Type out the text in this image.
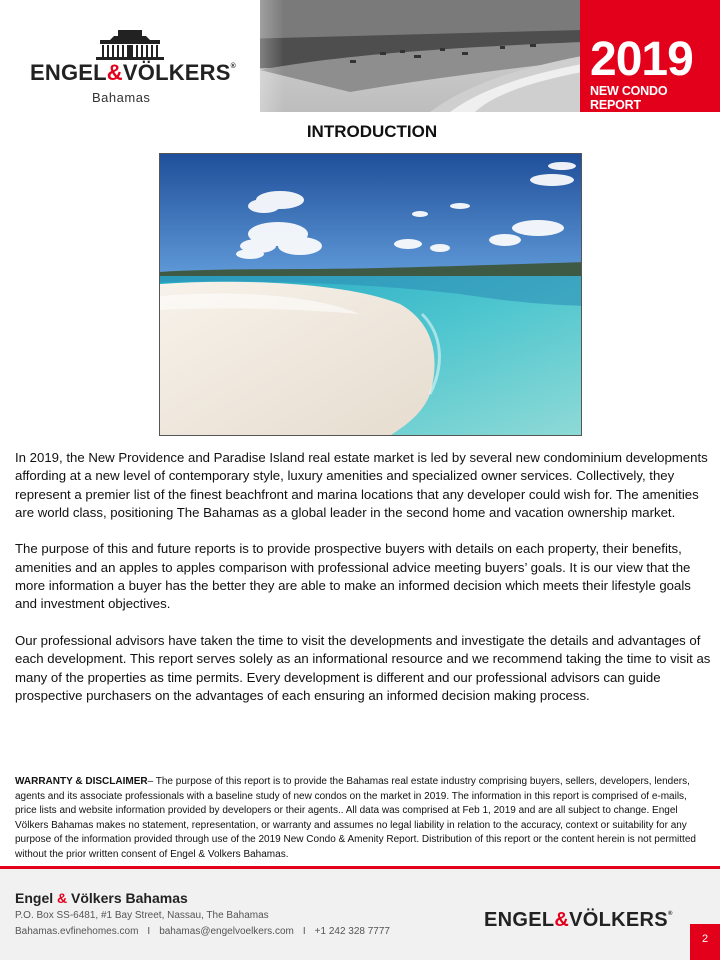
ENGEL&VÖLKERS®
Bahamas
2019
NEW CONDO REPORT
INTRODUCTION

In 2019, the New Providence and Paradise Island real estate market is led by several new condominium developments affording at a new level of contemporary style, luxury amenities and specialized owner services. Collectively, they represent a premier list of the finest beachfront and marina locations that any developer could wish for. The amenities are world class, positioning The Bahamas as a global leader in the second home and vacation ownership market.

The purpose of this and future reports is to provide prospective buyers with details on each property, their benefits, amenities and an apples to apples comparison with professional advice meeting buyers’ goals. It is our view that the more information a buyer has the better they are able to make an informed decision which meets their lifestyle goals and investment objectives.

Our professional advisors have taken the time to visit the developments and investigate the details and advantages of each development. This report serves solely as an informational resource and we recommend taking the time to visit as many of the properties as time permits. Every development is different and our professional advisors can guide prospective purchasers on the advantages of each ensuring an informed decision making process.

WARRANTY & DISCLAIMER– The purpose of this report is to provide the Bahamas real estate industry comprising buyers, sellers, developers, lenders, agents and its associate professionals with a baseline study of new condos on the market in 2019. The information in this report is comprised of e-mails, price lists and website information provided by developers or their agents.. All data was comprised at Feb 1, 2019 and are all subject to change. Engel Völkers Bahamas makes no statement, representation, or warranty and assumes no legal liability in relation to the accuracy, context or suitability for any purpose of the information provided through use of the 2019 New Condo & Amenity Report. Distribution of this report or the content herein is not permitted without the prior written consent of Engel & Volkers Bahamas.
Engel & Völkers Bahamas
P.O. Box SS-6481, #1 Bay Street, Nassau, The Bahamas
Bahamas.evfinehomes.com I bahamas@engelvoelkers.com I +1 242 328 7777
ENGEL&VÖLKERS®
2
